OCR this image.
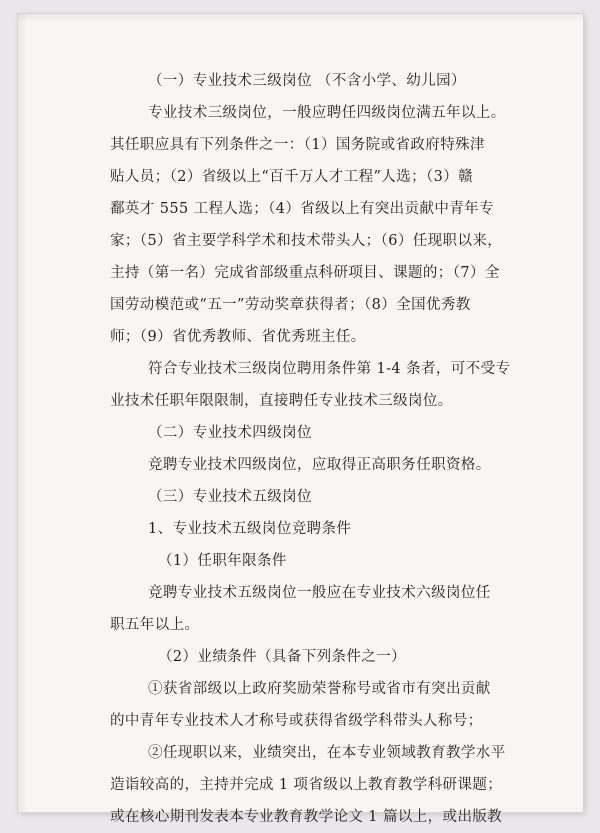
（一）专业技术三级岗位 （不含小学、幼儿园）
专业技术三级岗位，一般应聘任四级岗位满五年以上。
其任职应具有下列条件之一：（1）国务院或省政府特殊津
贴人员；（2）省级以上“百千万人才工程”人选；（3）赣
鄱英才 555 工程人选；（4）省级以上有突出贡献中青年专
家；（5）省主要学科学术和技术带头人；（6）任现职以来，
主持（第一名）完成省部级重点科研项目、课题的；（7）全
国劳动模范或“五一”劳动奖章获得者；（8）全国优秀教
师；（9）省优秀教师、省优秀班主任。
符合专业技术三级岗位聘用条件第 1-4 条者，可不受专
业技术任职年限限制，直接聘任专业技术三级岗位。
（二）专业技术四级岗位
竞聘专业技术四级岗位，应取得正高职务任职资格。
（三）专业技术五级岗位
1、专业技术五级岗位竞聘条件
（1）任职年限条件
竞聘专业技术五级岗位一般应在专业技术六级岗位任
职五年以上。
（2）业绩条件（具备下列条件之一）
①获省部级以上政府奖励荣誉称号或省市有突出贡献
的中青年专业技术人才称号或获得省级学科带头人称号；
②任现职以来，业绩突出，在本专业领域教育教学水平
造诣较高的，主持并完成 1 项省级以上教育教学科研课题；
或在核心期刊发表本专业教育教学论文 1 篇以上，或出版教
